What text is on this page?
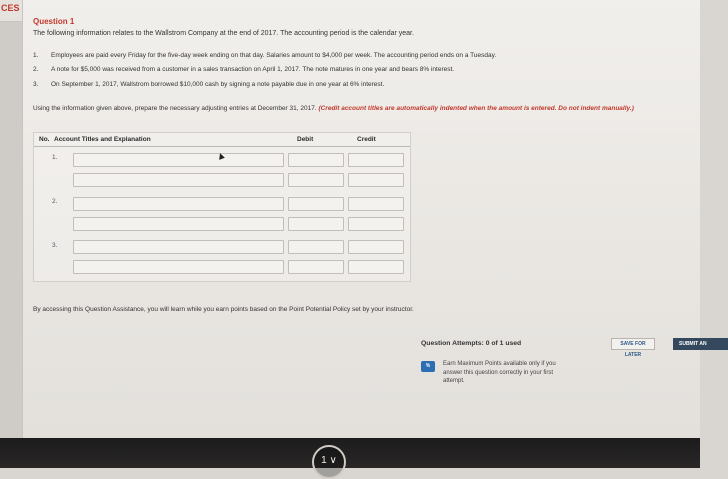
CES
Question 1
The following information relates to the Wallstrom Company at the end of 2017. The accounting period is the calendar year.
1.	Employees are paid every Friday for the five-day week ending on that day. Salaries amount to $4,000 per week. The accounting period ends on a Tuesday.
2.	A note for $5,000 was received from a customer in a sales transaction on April 1, 2017. The note matures in one year and bears 8% interest.
3.	On September 1, 2017, Wallstrom borrowed $10,000 cash by signing a note payable due in one year at 6% interest.
Using the information given above, prepare the necessary adjusting entries at December 31, 2017. (Credit account titles are automatically indented when the amount is entered. Do not indent manually.)
No. Account Titles and Explanation	Debit	Credit
1.
2.
3.
By accessing this Question Assistance, you will learn while you earn points based on the Point Potential Policy set by your instructor.
Question Attempts: 0 of 1 used	SAVE FOR LATER
SUBMIT AN
%	Earn Maximum Points available only if you answer this question correctly in your first attempt.
1 ∨
